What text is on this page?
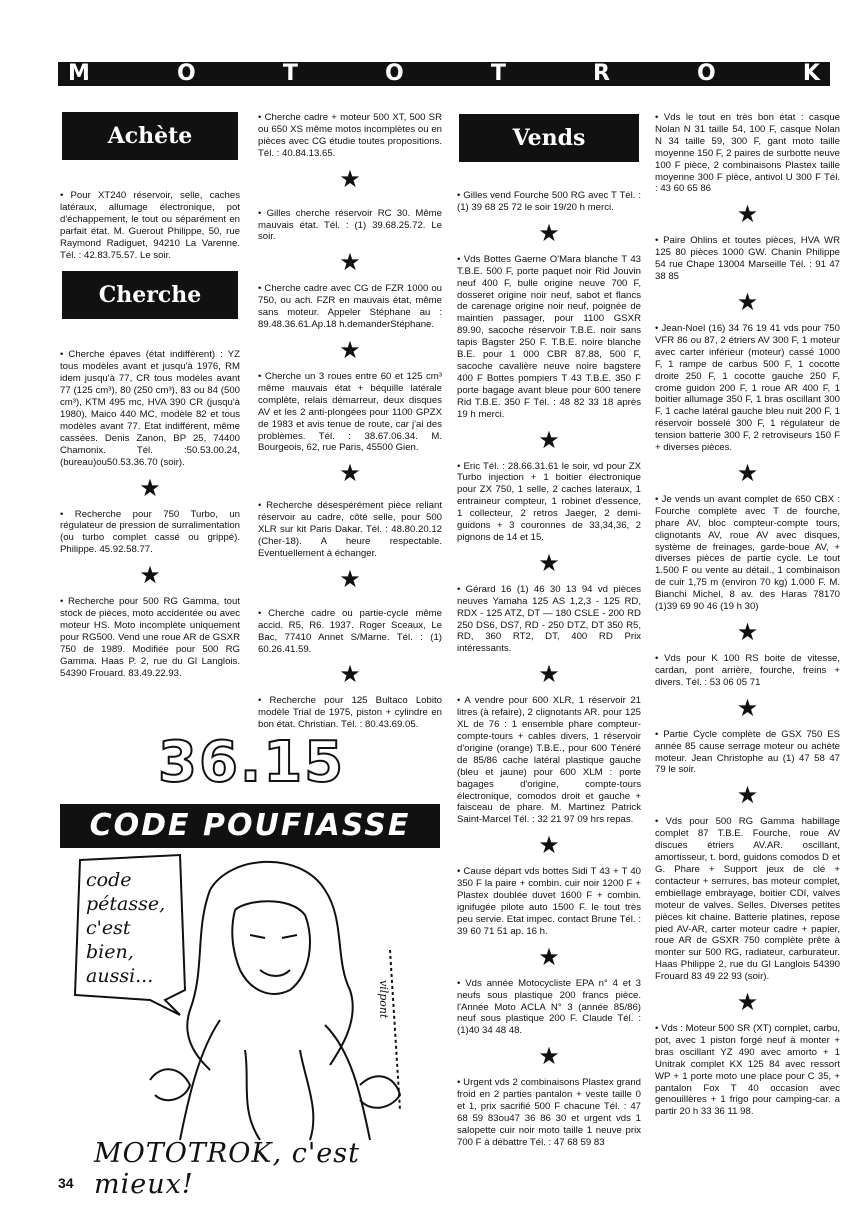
M	O	T	O	T	R	O	K
Achète
• Pour XT240 réservoir, selle, caches latéraux, allumage électronique, pot d'échappement, le tout ou séparément en parfait état. M. Guerout Philippe, 50, rue Raymond Radiguet, 94210 La Varenne. Tél. : 42.83.75.57. Le soir.
Cherche
• Cherche épaves (état indifférent) : YZ tous modèles avant et jusqu'à 1976, RM idem jusqu'à 77, CR tous modèles avant 77 (125 cm³), 80 (250 cm³), 83 ou 84 (500 cm³), KTM 495 mc, HVA 390 CR (jusqu'à 1980), Maico 440 MC, modèle 82 et tous modèles avant 77. Etat indifférent, même cassées. Denis Zanon, BP 25, 74400 Chamonix. Tél. :50.53.00.24, (bureau)ou50.53.36.70 (soir).
★
• Recherche pour 750 Turbo, un régulateur de pression de surralimentation (ou turbo complet cassé ou grippé). Philippe. 45.92.58.77.
★
• Recherche pour 500 RG Gamma, tout stock de pièces, moto accidentée ou avec moteur HS. Moto incomplète uniquement pour RG500. Vend une roue AR de GSXR 750 de 1989. Modifiée pour 500 RG Gamma. Haas P. 2, rue du Gl Langlois. 54390 Frouard. 83.49.22.93.
• Cherche cadre + moteur 500 XT, 500 SR ou 650 XS même motos incomplètes ou en pièces avec CG étudie toutes propositions. Tél. : 40.84.13.65.
★
• Gilles cherche réservoir RC 30. Même mauvais état. Tél. : (1) 39.68.25.72. Le soir.
★
• Cherche cadre avec CG de FZR 1000 ou 750, ou ach. FZR en mauvais état, même sans moteur. Appeler Stéphane au : 89.48.36.61.Ap.18 h.demanderStéphane.
★
• Cherche un 3 roues entre 60 et 125 cm³ même mauvais état + béquille latérale complète, relais démarreur, deux disques AV et les 2 anti-plongées pour 1100 GPZX de 1983 et avis tenue de route, car j'ai des problèmes. Tél. : 38.67.06.34. M. Bourgeois, 62, rue Paris, 45500 Gien.
★
• Recherche désespérément pièce reliant réservoir au cadre, côté selle, pour 500 XLR sur kit Paris Dakar. Tél. : 48.80.20.12 (Cher-18). A heure respectable. Eventuellement à échanger.
★
• Cherche cadre ou partie-cycle même accid. R5, R6. 1937. Roger Sceaux, Le Bac, 77410 Annet S/Marne. Tél. : (1) 60.26.41.59.
★
• Recherche pour 125 Bultaco Lobito modèle Trial de 1975, piston + cylindre en bon état. Christian. Tél. : 80.43.69.05.
Vends
• Gilles vend Fourche 500 RG avec T Tél. : (1) 39 68 25 72 le soir 19/20 h merci.
★
• Vds Bottes Gaerne O'Mara blanche T 43 T.B.E. 500 F, porte paquet noir Rid Jouvin neuf 400 F, bulle origine neuve 700 F, dosseret origine noir neuf, sabot et flancs de carenage origine noir neuf, poignée de maintien passager, pour 1100 GSXR 89.90, sacoche réservoir T.B.E. noir sans tapis Bagster 250 F. T.B.E. noire blanche B.E. pour 1 000 CBR 87.88, 500 F, sacoche cavalière neuve noire bagstere 400 F Bottes pompiers T 43 T.B.E. 350 F porte bagage avant bleue pour 600 tenere Rid T.B.E. 350 F Tél. : 48 82 33 18 après 19 h merci.
★
• Eric Tél. : 28.66.31.61 le soir, vd pour ZX Turbo injection + 1 boitier électronique pour ZX 750, 1 selle, 2 caches lateraux, 1 entraineur compteur, 1 robinet d'essence, 1 collecteur, 2 retros Jaeger, 2 demi-guidons + 3 couronnes de 33,34,36, 2 pignons de 14 et 15.
★
• Gérard 16 (1) 46 30 13 94 vd pièces neuves Yamaha 125 AS 1,2,3 - 125 RD, RDX - 125 ATZ, DT — 180 CSLE - 200 RD 250 DS6, DS7, RD - 250 DTZ, DT 350 R5, RD, 360 RT2, DT, 400 RD Prix intéressants.
★
• A vendre pour 600 XLR, 1 réservoir 21 litres (à refaire), 2 clignotants AR. pour 125 XL de 76 : 1 ensemble phare compteur-compte-tours + cables divers, 1 réservoir d'origine (orange) T.B.E., pour 600 Ténéré de 85/86 cache latéral plastique gauche (bleu et jaune) pour 600 XLM : porte bagages d'origine, compte-tours électronique, comodos droit et gauche + faisceau de phare. M. Martinez Patrick Saint-Marcel Tél. : 32 21 97 09 hrs repas.
★
• Cause départ vds bottes Sidi T 43 + T 40 350 F la paire + combin. cuir noir 1200 F + Plastex doublée duvet 1600 F + combin. ignifugée pilote auto 1500 F. le tout très peu servie. Etat impec. contact Brune Tél. : 39 60 71 51 ap. 16 h.
★
• Vds année Motocycliste EPA n° 4 et 3 neufs sous plastique 200 francs pièce. l'Année Moto ACLA N° 3 (année 85/86) neuf sous plastique 200 F. Claude Tél. : (1)40 34 48 48.
★
• Urgent vds 2 combinaisons Plastex grand froid en 2 parties pantalon + veste taille 0 et 1, prix sacrifié 500 F chacune Tél. : 47 68 59 83ou47 36 86 30 et urgent vds 1 salopette cuir noir moto taille 1 neuve prix 700 F à débattre Tél. : 47 68 59 83
• Vds le tout en très bon état : casque Nolan N 31 taille 54, 100 F, casque Nolan N 34 taille 59, 300 F, gant moto taille moyenne 150 F, 2 paires de surbotte neuve 100 F pièce, 2 combinaisons Plastex taille moyenne 300 F pièce, antivol U 300 F Tél. : 43 60 65 86
★
• Paire Ohlins et toutes pièces, HVA WR 125 80 pièces 1000 GW. Chanin Philippe 54 rue Chape 13004 Marseille Tél. : 91 47 38 85
★
• Jean-Noel (16) 34 76 19 41 vds pour 750 VFR 86 ou 87, 2 étriers AV 300 F, 1 moteur avec carter inférieur (moteur) cassé 1000 F, 1 rampe de carbus 500 F, 1 cocotte droite 250 F, 1 cocotte gauche 250 F, crome guidon 200 F, 1 roue AR 400 F, 1 boitier allumage 350 F, 1 bras oscillant 300 F, 1 cache latéral gauche bleu nuit 200 F, 1 réservoir bosselé 300 F, 1 régulateur de tension batterie 300 F, 2 retroviseurs 150 F + diverses pièces.
★
• Je vends un avant complet de 650 CBX : Fourche complète avec T de fourche, phare AV, bloc compteur-compte tours, clignotants AV, roue AV avec disques, système de freinages, garde-boue AV, + diverses pièces de partie cycle. Le tout 1.500 F ou vente au détail., 1 combinaison de cuir 1,75 m (environ 70 kg) 1.000 F. M. Bianchi Michel, 8 av. des Haras 78170 (1)39 69 90 46 (19 h 30)
★
• Vds pour K 100 RS boite de vitesse, cardan, pont arrière, fourche, freins + divers. Tél. : 53 06 05 71
★
• Partie Cycle complète de GSX 750 ES année 85 cause serrage moteur ou achète moteur. Jean Christophe au (1) 47 58 47 79 le soir.
★
• Vds pour 500 RG Gamma habillage complet 87 T.B.E. Fourche, roue AV discues étriers AV.AR. oscillant, amortisseur, t. bord, guidons comodos D et G. Phare + Support jeux de clé + contacteur + serrures, bas moteur complet, embiellage embrayage, boitier CDI, valves moteur de valves. Selles. Diverses petites pièces kit chaine. Batterie platines, repose pied AV-AR, carter moteur cadre + papier, roue AR de GSXR 750 complète prête à monter sur 500 RG, radiateur, carburateur. Haas Philippe 2, rue du Gl Langlois 54390 Frouard 83 49 22 93 (soir).
★
• Vds : Moteur 500 SR (XT) complet, carbu, pot, avec 1 piston forgé neuf à monter + bras oscillant YZ 490 avec amorto + 1 Unitrak complet KX 125 84 avec ressort WP + 1 porte moto une place pour C 35, + pantalon Fox T 40 occasion avec genouillères + 1 frigo pour camping-car. a partir 20 h 33 36 11 98.
36.15
CODE POUFIASSE
code
pétasse,
c'est
bien,
aussi...
vilpont
MOTOTROK, c'est mieux!
34
